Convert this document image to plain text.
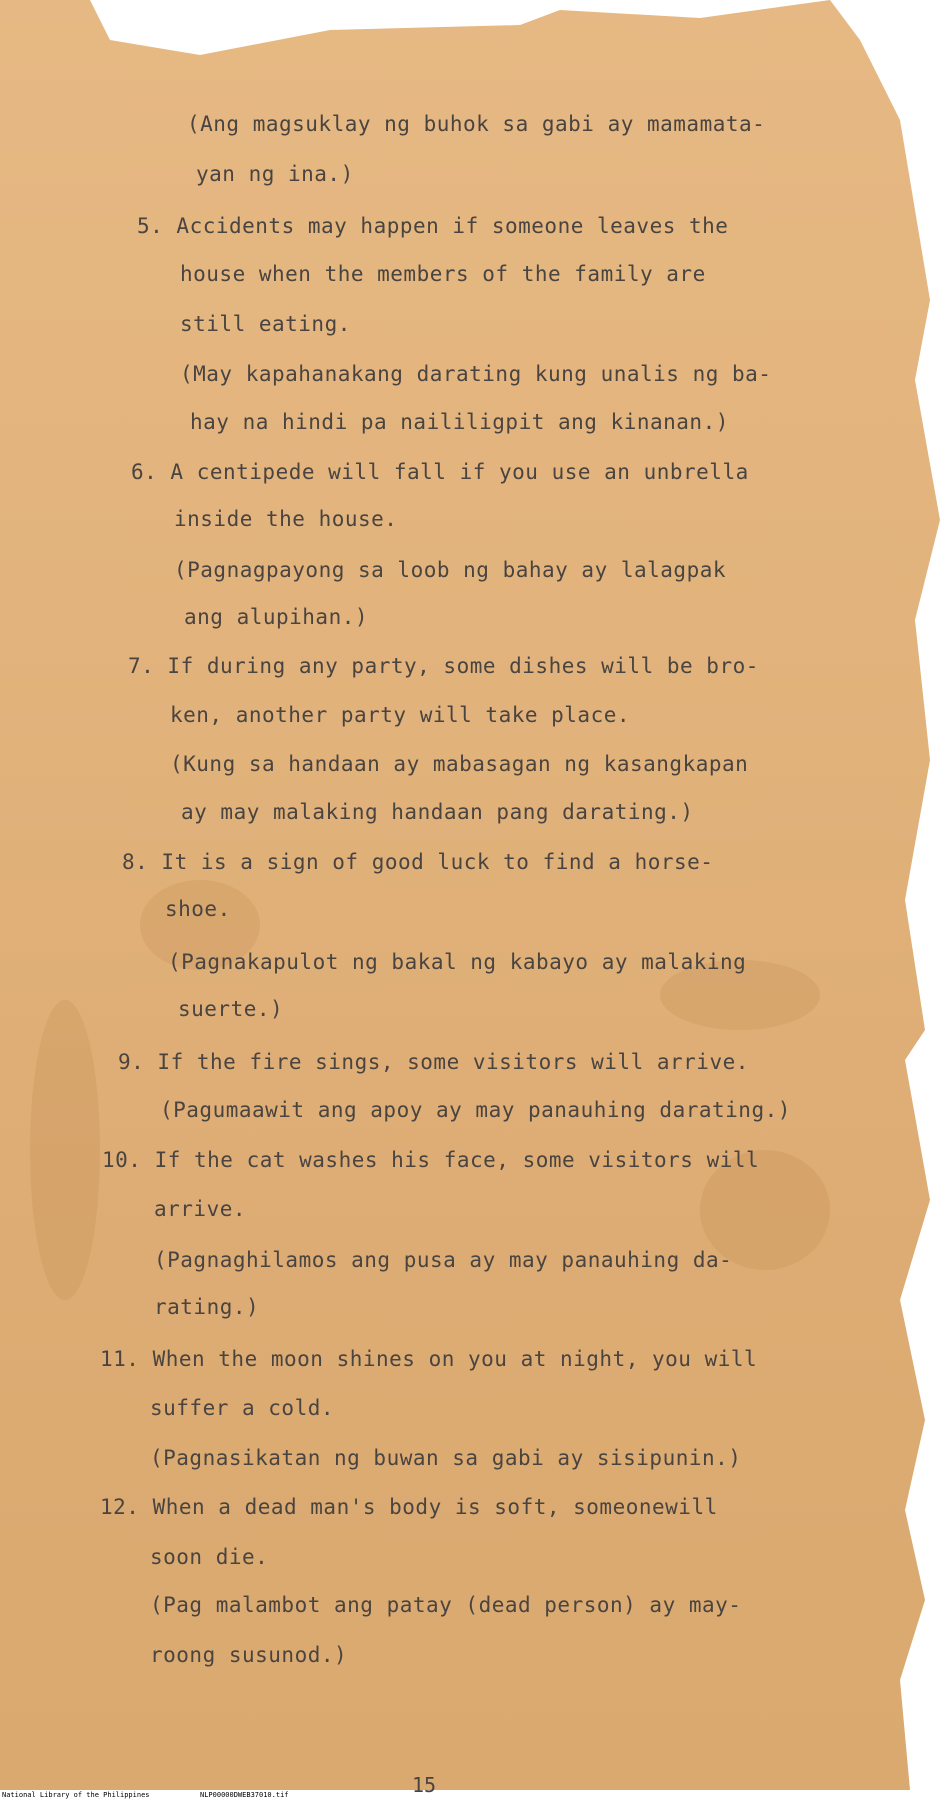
(Ang magsuklay ng buhok sa gabi ay mamamata-
yan ng ina.)
5. Accidents may happen if someone leaves the
house when the members of the family are
still eating.
(May kapahanakang darating kung unalis ng ba-
hay na hindi pa naililigpit ang kinanan.)
6. A centipede will fall if you use an unbrella
inside the house.
(Pagnagpayong sa loob ng bahay ay lalagpak
ang alupihan.)
7. If during any party, some dishes will be bro-
ken, another party will take place.
(Kung sa handaan ay mabasagan ng kasangkapan
ay may malaking handaan pang darating.)
8. It is a sign of good luck to find a horse-
shoe.
(Pagnakapulot ng bakal ng kabayo ay malaking
suerte.)
9. If the fire sings, some visitors will arrive.
(Pagumaawit ang apoy ay may panauhing darating.)
10. If the cat washes his face, some visitors will
arrive.
(Pagnaghilamos ang pusa ay may panauhing da-
rating.)
11. When the moon shines on you at night, you will
suffer a cold.
(Pagnasikatan ng buwan sa gabi ay sisipunin.)
12. When a dead man's body is soft, someonewill
soon die.
(Pag malambot ang patay (dead person) ay may-
roong susunod.)
15
National Library of the Philippines	NLP00000DWEB37010.tif
